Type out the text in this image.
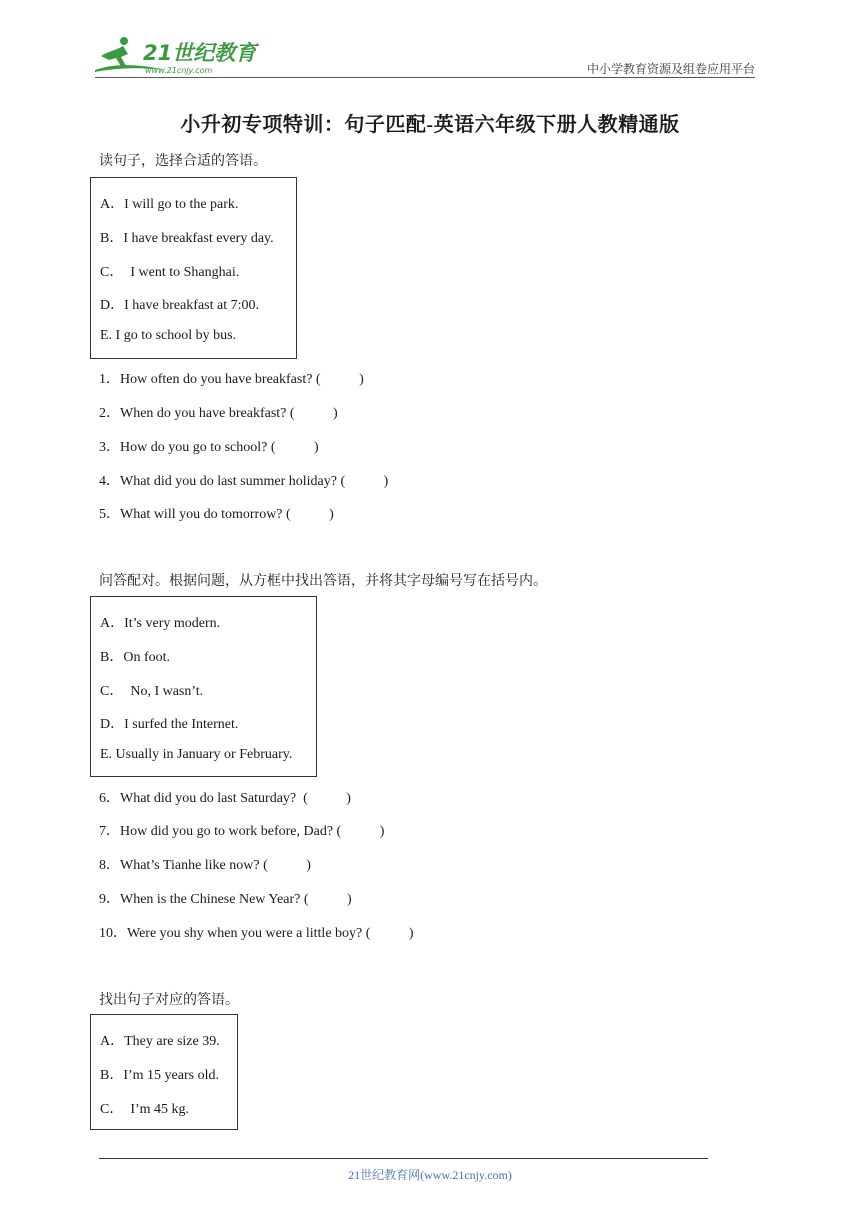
21世纪教育
www.21cnjy.com	中小学教育资源及组卷应用平台
小升初专项特训：句子匹配-英语六年级下册人教精通版
读句子，选择合适的答语。
A．I will go to the park.
B．I have breakfast every day.
C．  I went to Shanghai.
D．I have breakfast at 7:00.
E. I go to school by bus.
1．How often do you have breakfast? (           )
2．When do you have breakfast? (           )
3．How do you go to school? (           )
4．What did you do last summer holiday? (           )
5．What will you do tomorrow? (           )
问答配对。根据问题，从方框中找出答语，并将其字母编号写在括号内。
A．It’s very modern.
B．On foot.
C．  No, I wasn’t.
D．I surfed the Internet.
E. Usually in January or February.
6．What did you do last Saturday?  (           )
7．How did you go to work before, Dad? (           )
8．What’s Tianhe like now? (           )
9．When is the Chinese New Year? (           )
10．Were you shy when you were a little boy? (           )
找出句子对应的答语。
A．They are size 39.
B．I’m 15 years old.
C．  I’m 45 kg.
21世纪教育网(www.21cnjy.com)
